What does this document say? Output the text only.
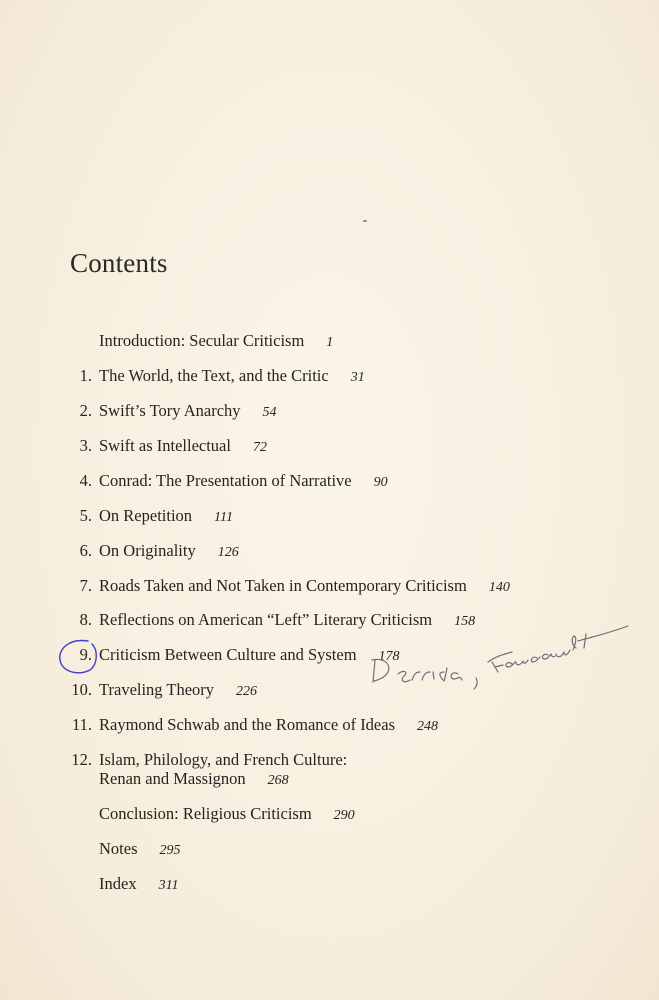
Contents
Introduction: Secular Criticism 1
1. The World, the Text, and the Critic 31
2. Swift’s Tory Anarchy 54
3. Swift as Intellectual 72
4. Conrad: The Presentation of Narrative 90
5. On Repetition 111
6. On Originality 126
7. Roads Taken and Not Taken in Contemporary Criticism 140
8. Reflections on American “Left” Literary Criticism 158
9. Criticism Between Culture and System 178
10. Traveling Theory 226
11. Raymond Schwab and the Romance of Ideas 248
12. Islam, Philology, and French Culture:
Renan and Massignon 268
Conclusion: Religious Criticism 290
Notes 295
Index 311
